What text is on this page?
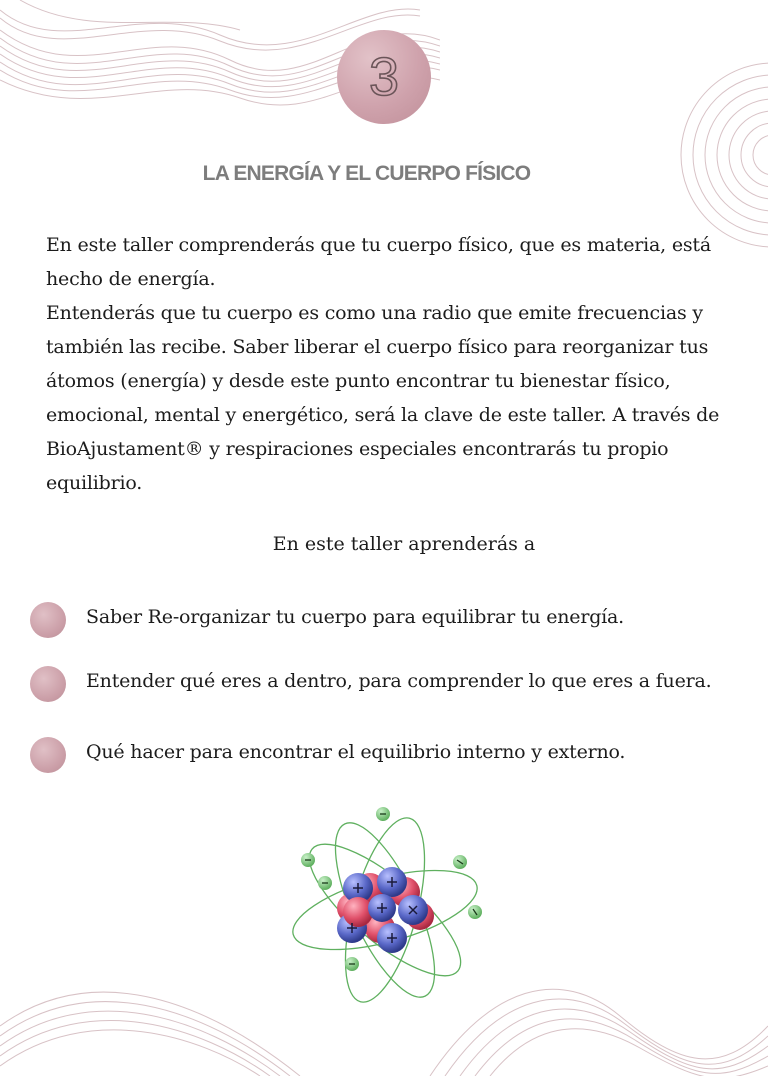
3
LA ENERGÍA Y EL CUERPO FÍSICO

En este taller comprenderás que tu cuerpo físico, que es materia, está hecho de energía.

Entenderás que tu cuerpo es como una radio que emite frecuencias y también las recibe. Saber liberar el cuerpo físico para reorganizar tus átomos (energía) y desde este punto encontrar tu bienestar físico, emocional, mental y energético, será la clave de este taller. A través de BioAjustament® y respiraciones especiales encontrarás tu propio equilibrio.

En este taller aprenderás a
Saber Re-organizar tu cuerpo para equilibrar tu energía.
Entender qué eres a dentro, para comprender lo que eres a fuera.
Qué hacer para encontrar el equilibrio interno y externo.
